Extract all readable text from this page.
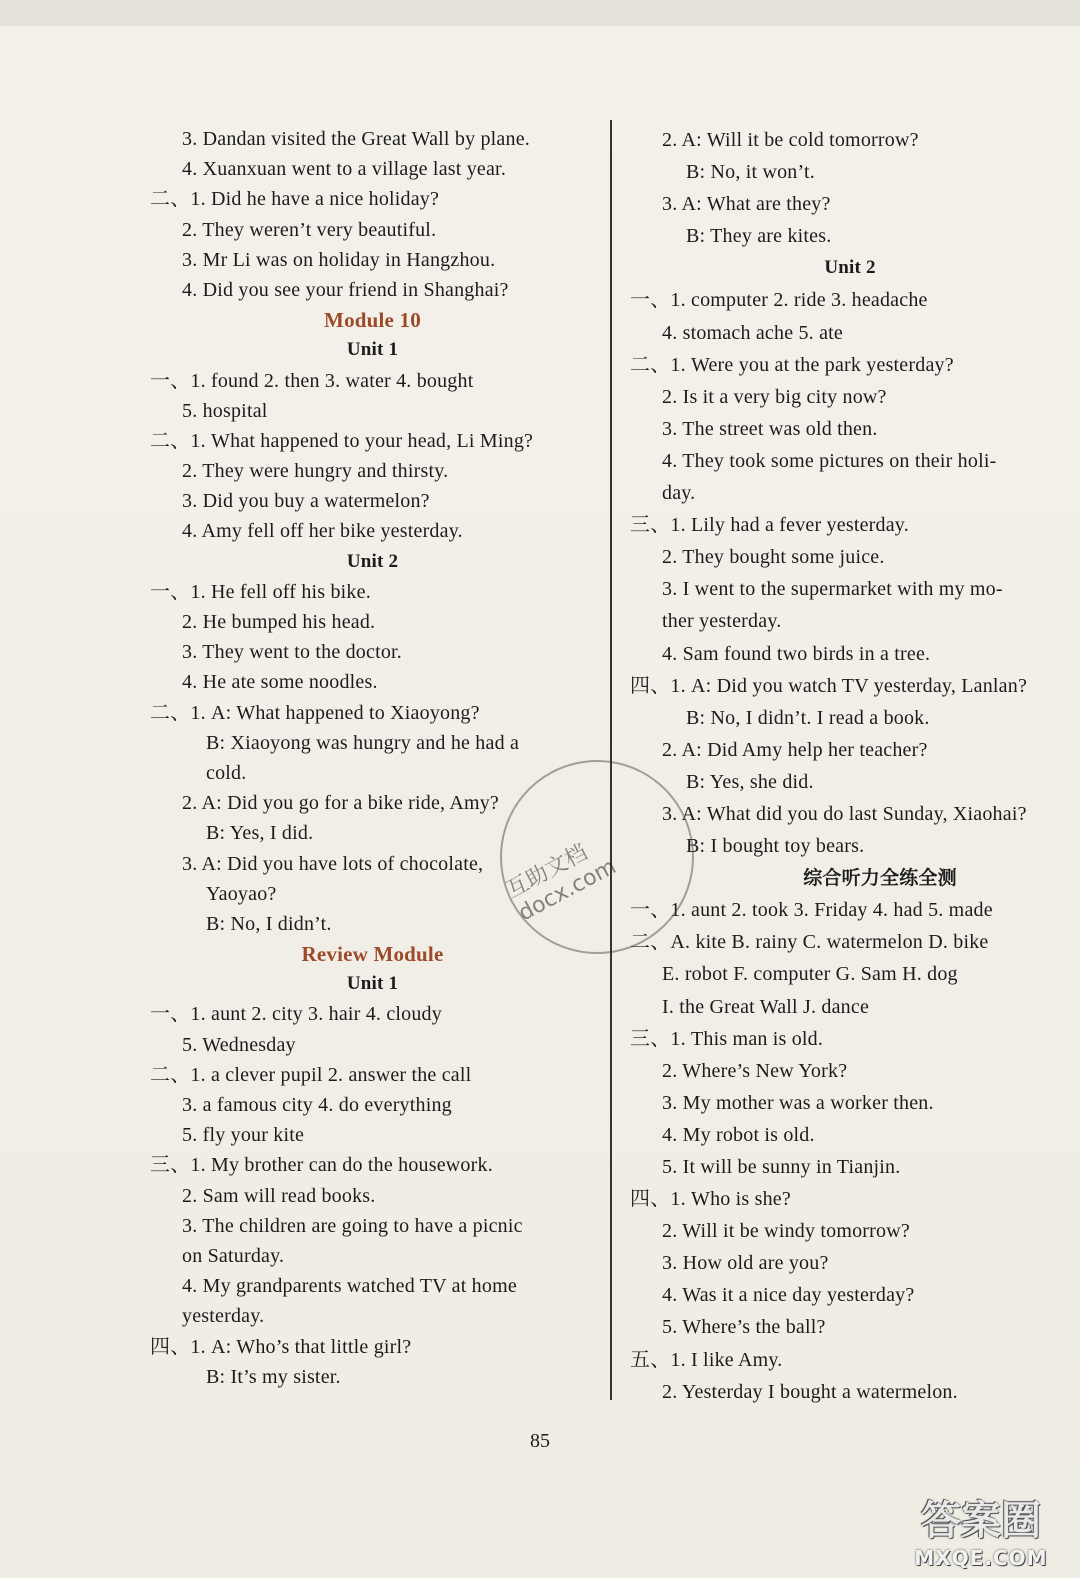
3. Dandan visited the Great Wall by plane.
4. Xuanxuan went to a village last year.
二、1. Did he have a nice holiday?
2. They weren’t very beautiful.
3. Mr Li was on holiday in Hangzhou.
4. Did you see your friend in Shanghai?
Module 10
Unit 1
一、1. found 2. then 3. water 4. bought
5. hospital
二、1. What happened to your head, Li Ming?
2. They were hungry and thirsty.
3. Did you buy a watermelon?
4. Amy fell off her bike yesterday.
Unit 2
一、1. He fell off his bike.
2. He bumped his head.
3. They went to the doctor.
4. He ate some noodles.
二、1. A: What happened to Xiaoyong?
B: Xiaoyong was hungry and he had a
cold.
2. A: Did you go for a bike ride, Amy?
B: Yes, I did.
3. A: Did you have lots of chocolate,
Yaoyao?
B: No, I didn’t.
Review Module
Unit 1
一、1. aunt 2. city 3. hair 4. cloudy
5. Wednesday
二、1. a clever pupil 2. answer the call
3. a famous city 4. do everything
5. fly your kite
三、1. My brother can do the housework.
2. Sam will read books.
3. The children are going to have a picnic
on Saturday.
4. My grandparents watched TV at home
yesterday.
四、1. A: Who’s that little girl?
B: It’s my sister.
2. A: Will it be cold tomorrow?
B: No, it won’t.
3. A: What are they?
B: They are kites.
Unit 2
一、1. computer 2. ride 3. headache
4. stomach ache 5. ate
二、1. Were you at the park yesterday?
2. Is it a very big city now?
3. The street was old then.
4. They took some pictures on their holi-
day.
三、1. Lily had a fever yesterday.
2. They bought some juice.
3. I went to the supermarket with my mo-
ther yesterday.
4. Sam found two birds in a tree.
四、1. A: Did you watch TV yesterday, Lanlan?
B: No, I didn’t. I read a book.
2. A: Did Amy help her teacher?
B: Yes, she did.
3. A: What did you do last Sunday, Xiaohai?
B: I bought toy bears.
综合听力全练全测
一、1. aunt 2. took 3. Friday 4. had 5. made
二、A. kite B. rainy C. watermelon D. bike
E. robot F. computer G. Sam H. dog
I. the Great Wall J. dance
三、1. This man is old.
2. Where’s New York?
3. My mother was a worker then.
4. My robot is old.
5. It will be sunny in Tianjin.
四、1. Who is she?
2. Will it be windy tomorrow?
3. How old are you?
4. Was it a nice day yesterday?
5. Where’s the ball?
五、1. I like Amy.
2. Yesterday I bought a watermelon.
互助文档 docx.com
85
答案圈
MXQE.COM
